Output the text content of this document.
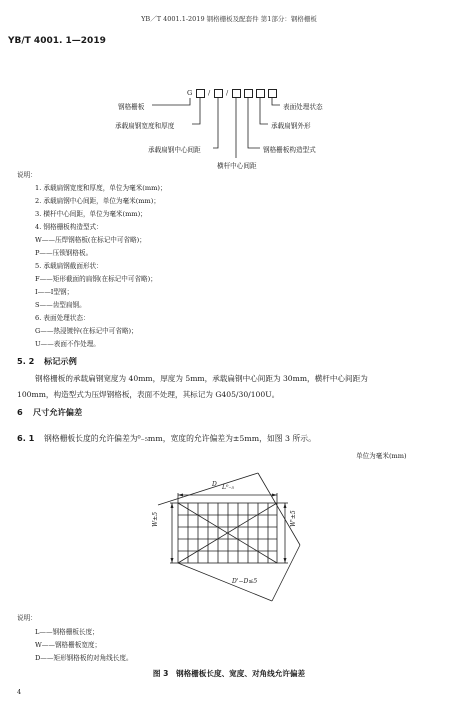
YB／T 4001.1-2019 钢格栅板及配套件 第1部分：钢格栅板
YB/T 4001. 1—2019
G / /
钢格栅板
承载扁钢宽度和厚度
承载扁钢中心间距
横杆中心间距
钢格栅板构造型式
承载扁钢外形
表面处理状态
说明：
1. 承载扁钢宽度和厚度，单位为毫米(mm)；
2. 承载扁钢中心间距，单位为毫米(mm)；
3. 横杆中心间距，单位为毫米(mm)；
4. 钢格栅板构造型式：
W——压焊钢格板(在标记中可省略)；
P——压锁钢格板。
5. 承载扁钢截面形状：
F——矩形截面的扁钢(在标记中可省略)；
I——I型钢；
S——齿型扁钢。
6. 表面处理状态：
G——热浸镀锌(在标记中可省略)；
U——表面不作处理。
5. 2 标记示例
钢格栅板的承载扁钢宽度为 40mm，厚度为 5mm，承载扁钢中心间距为 30mm，横杆中心间距为
100mm，构造型式为压焊钢格板，表面不处理，其标记为 G405/30/100U。
6 尺寸允许偏差
6. 1 钢格栅板长度的允许偏差为⁰₋₅mm，宽度的允许偏差为±5mm，如图 3 所示。
单位为毫米(mm)
D L⁰₋₅
W±5	W'±5
D'−D≤5
说明：
L——钢格栅板长度；
W——钢格栅板宽度；
D——矩形钢格板的对角线长度。
图 3　钢格栅板长度、宽度、对角线允许偏差
4
